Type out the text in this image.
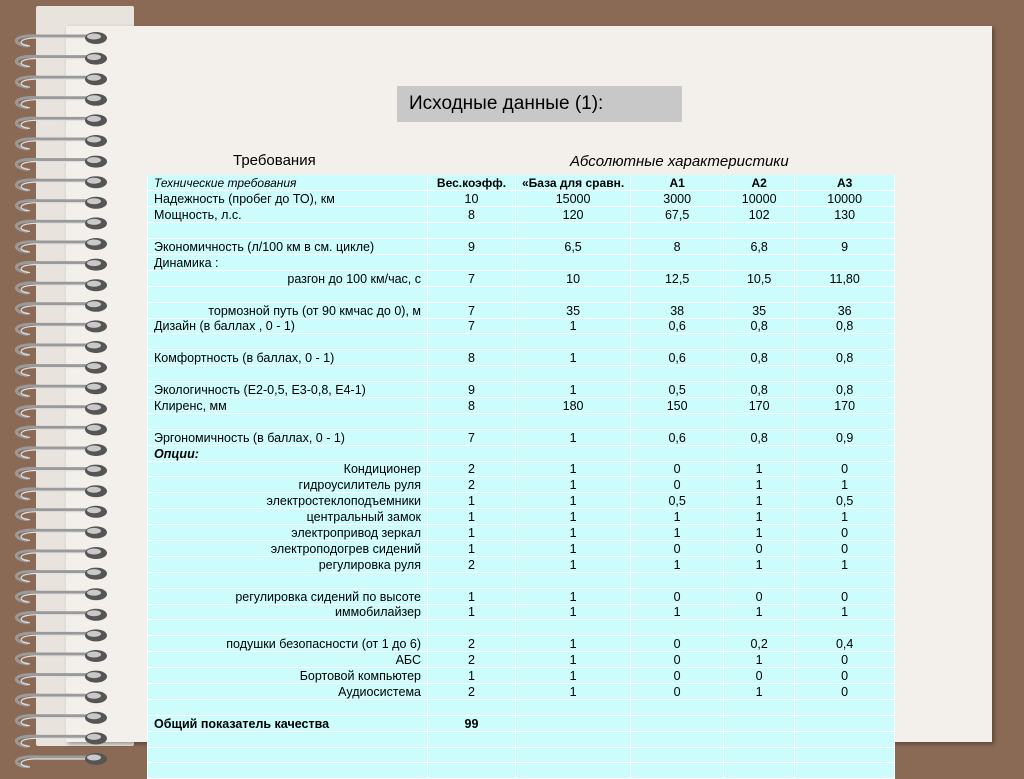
Исходные данные (1):
Требования	Абсолютные характеристики
Технические требования	Вес.коэфф.	«База для сравн.	А1	А2	А3
Надежность (пробег до ТО), км	10	15000	3000	10000	10000
Мощность, л.с.	8	120	67,5	102	130

Экономичность (л/100 км в см. цикле)	9	6,5	8	6,8	9
Динамика :					
разгон до 100 км/час, с	7	10	12,5	10,5	11,80

тормозной путь (от 90 кмчас до 0), м	7	35	38	35	36
Дизайн (в баллах , 0 - 1)	7	1	0,6	0,8	0,8

Комфортность (в баллах, 0 - 1)	8	1	0,6	0,8	0,8

Экологичность (Е2-0,5, Е3-0,8, Е4-1)	9	1	0,5	0,8	0,8
Клиренс, мм	8	180	150	170	170

Эргономичность (в баллах, 0 - 1)	7	1	0,6	0,8	0,9
Опции:					
Кондиционер	2	1	0	1	0
гидроусилитель руля	2	1	0	1	1
электростеклоподъемники	1	1	0,5	1	0,5
центральный замок	1	1	1	1	1
электропривод зеркал	1	1	1	1	0
электроподогрев сидений	1	1	0	0	0
регулировка руля	2	1	1	1	1

регулировка сидений по высоте	1	1	0	0	0
иммобилайзер	1	1	1	1	1

подушки безопасности (от 1 до 6)	2	1	0	0,2	0,4
АБС	2	1	0	1	0
Бортовой компьютер	1	1	0	0	0
Аудиосистема	2	1	0	1	0

Общий показатель качества	99				
